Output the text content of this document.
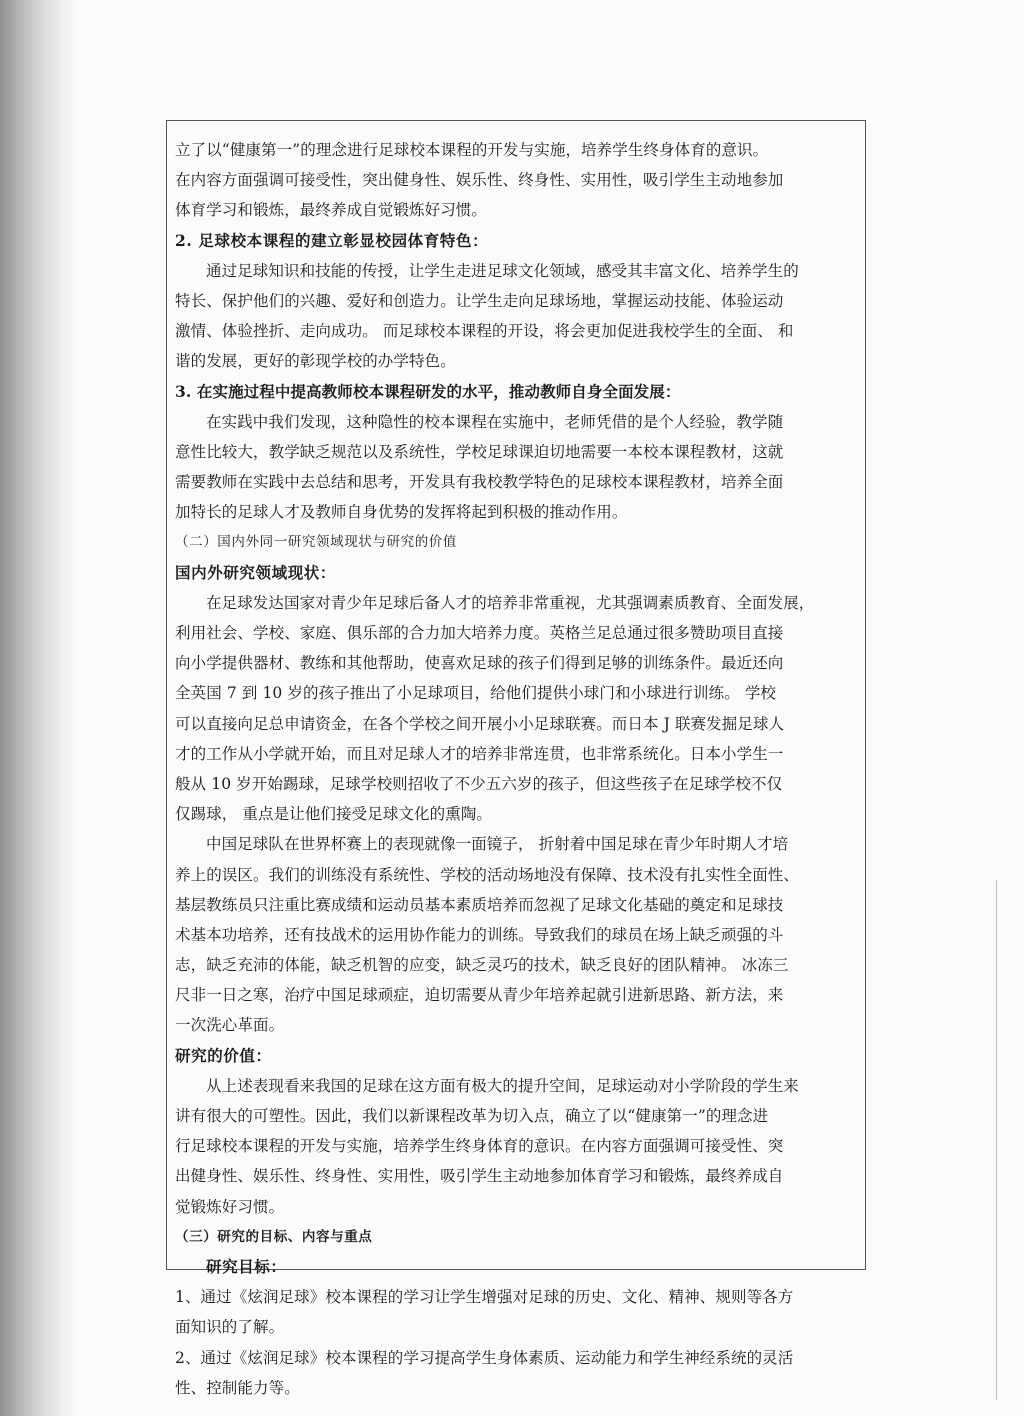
立了以“健康第一”的理念进行足球校本课程的开发与实施，培养学生终身体育的意识。
在内容方面强调可接受性，突出健身性、娱乐性、终身性、实用性，吸引学生主动地参加
体育学习和锻炼，最终养成自觉锻炼好习惯。
2. 足球校本课程的建立彰显校园体育特色：
通过足球知识和技能的传授，让学生走进足球文化领域，感受其丰富文化、培养学生的
特长、保护他们的兴趣、爱好和创造力。让学生走向足球场地，掌握运动技能、体验运动
激情、体验挫折、走向成功。 而足球校本课程的开设，将会更加促进我校学生的全面、 和
谐的发展，更好的彰现学校的办学特色。
3. 在实施过程中提高教师校本课程研发的水平，推动教师自身全面发展：
在实践中我们发现，这种隐性的校本课程在实施中，老师凭借的是个人经验，教学随
意性比较大，教学缺乏规范以及系统性，学校足球课迫切地需要一本校本课程教材，这就
需要教师在实践中去总结和思考，开发具有我校教学特色的足球校本课程教材，培养全面
加特长的足球人才及教师自身优势的发挥将起到积极的推动作用。
（二）国内外同一研究领域现状与研究的价值
国内外研究领域现状：
在足球发达国家对青少年足球后备人才的培养非常重视，尤其强调素质教育、全面发展，
利用社会、学校、家庭、俱乐部的合力加大培养力度。英格兰足总通过很多赞助项目直接
向小学提供器材、教练和其他帮助，使喜欢足球的孩子们得到足够的训练条件。最近还向
全英国 7 到 10 岁的孩子推出了小足球项目，给他们提供小球门和小球进行训练。 学校
可以直接向足总申请资金，在各个学校之间开展小小足球联赛。而日本 J 联赛发掘足球人
才的工作从小学就开始，而且对足球人才的培养非常连贯，也非常系统化。日本小学生一
般从 10 岁开始踢球，足球学校则招收了不少五六岁的孩子，但这些孩子在足球学校不仅
仅踢球， 重点是让他们接受足球文化的熏陶。
中国足球队在世界杯赛上的表现就像一面镜子， 折射着中国足球在青少年时期人才培
养上的误区。我们的训练没有系统性、学校的活动场地没有保障、技术没有扎实性全面性、
基层教练员只注重比赛成绩和运动员基本素质培养而忽视了足球文化基础的奠定和足球技
术基本功培养，还有技战术的运用协作能力的训练。导致我们的球员在场上缺乏顽强的斗
志，缺乏充沛的体能，缺乏机智的应变，缺乏灵巧的技术，缺乏良好的团队精神。 冰冻三
尺非一日之寒，治疗中国足球顽症，迫切需要从青少年培养起就引进新思路、新方法，来
一次洗心革面。
研究的价值：
从上述表现看来我国的足球在这方面有极大的提升空间，足球运动对小学阶段的学生来
讲有很大的可塑性。因此，我们以新课程改革为切入点，确立了以“健康第一”的理念进
行足球校本课程的开发与实施，培养学生终身体育的意识。在内容方面强调可接受性、突
出健身性、娱乐性、终身性、实用性，吸引学生主动地参加体育学习和锻炼，最终养成自
觉锻炼好习惯。
（三）研究的目标、内容与重点
研究目标：
1、通过《炫润足球》校本课程的学习让学生增强对足球的历史、文化、精神、规则等各方
面知识的了解。
2、通过《炫润足球》校本课程的学习提高学生身体素质、运动能力和学生神经系统的灵活
性、控制能力等。
